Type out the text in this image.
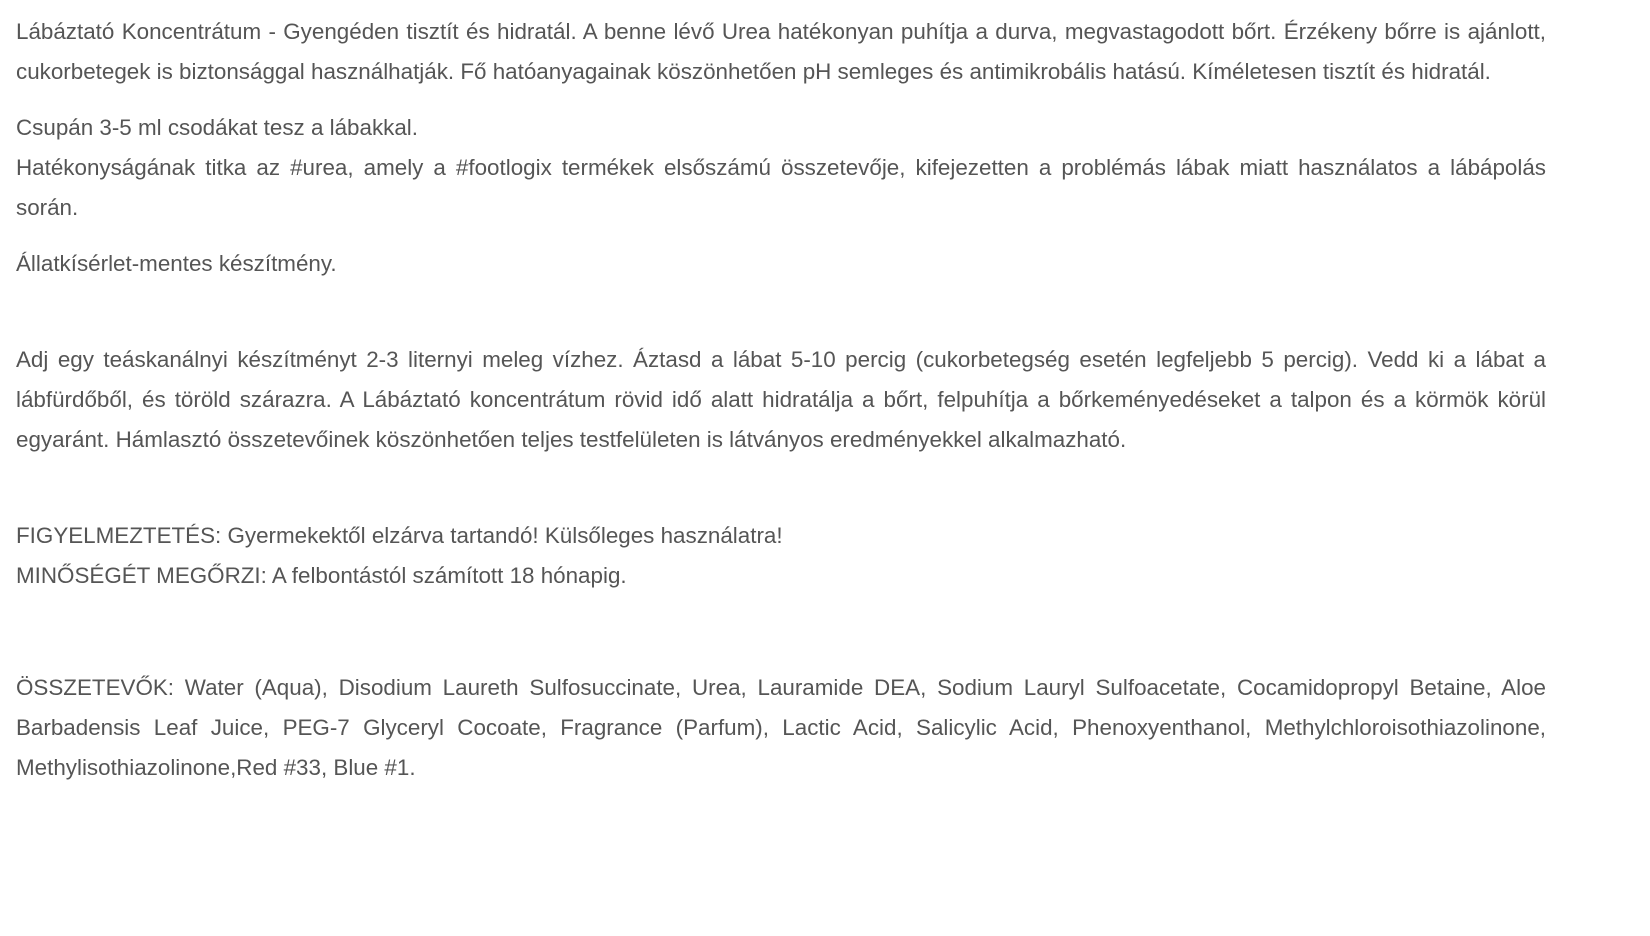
Lábáztató Koncentrátum - Gyengéden tisztít és hidratál. A benne lévő Urea hatékonyan puhítja a durva, megvastagodott bőrt. Érzékeny bőrre is ajánlott, cukorbetegek is biztonsággal használhatják. Fő hatóanyagainak köszönhetően pH semleges és antimikrobális hatású. Kíméletesen tisztít és hidratál.

Csupán 3-5 ml csodákat tesz a lábakkal.

Hatékonyságának titka az #urea, amely a #footlogix termékek elsőszámú összetevője, kifejezetten a problémás lábak miatt használatos a lábápolás során.

Állatkísérlet-mentes készítmény.

Adj egy teáskanálnyi készítményt 2-3 liternyi meleg vízhez. Áztasd a lábat 5-10 percig (cukorbetegség esetén legfeljebb 5 percig). Vedd ki a lábat a lábfürdőből, és töröld szárazra. A Lábáztató koncentrátum rövid idő alatt hidratálja a bőrt, felpuhítja a bőrkeményedéseket a talpon és a körmök körül egyaránt. Hámlasztó összetevőinek köszönhetően teljes testfelületen is látványos eredményekkel alkalmazható.

FIGYELMEZTETÉS: Gyermekektől elzárva tartandó! Külsőleges használatra!

MINŐSÉGÉT MEGŐRZI: A felbontástól számított 18 hónapig.

ÖSSZETEVŐK: Water (Aqua), Disodium Laureth Sulfosuccinate, Urea, Lauramide DEA, Sodium Lauryl Sulfoacetate, Cocamidopropyl Betaine, Aloe Barbadensis Leaf Juice, PEG-7 Glyceryl Cocoate, Fragrance (Parfum), Lactic Acid, Salicylic Acid, Phenoxyenthanol, Methylchloroisothiazolinone, Methylisothiazolinone,Red #33, Blue #1.
